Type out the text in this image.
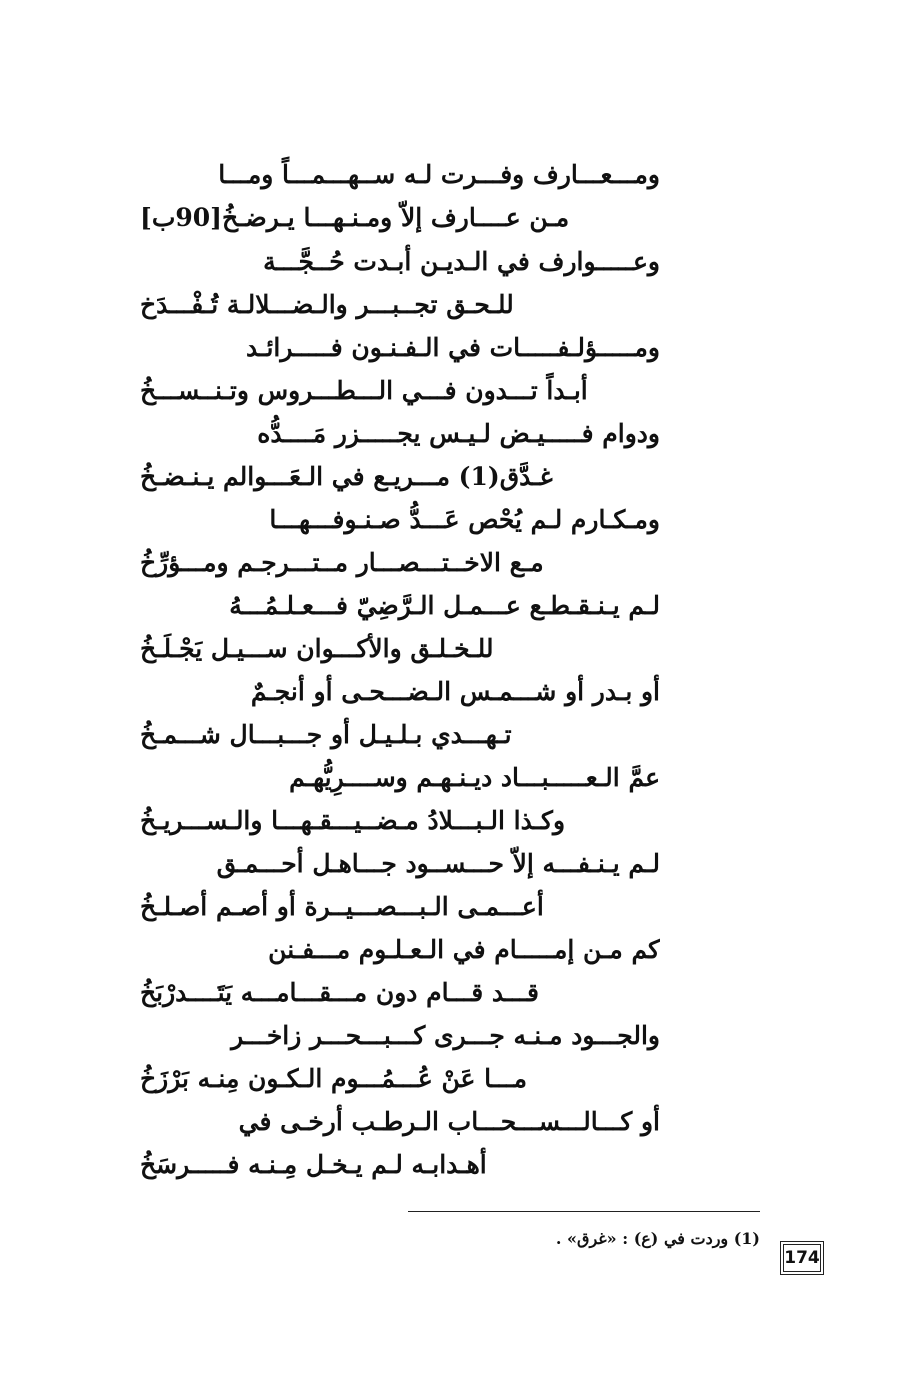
ومـــعـــارف وفـــرت لـه ســهـــمـــاً ومـــا
مـن عــــارف إلاّ ومـنـهـــا يـرضـخُ[90ب]
وعـــــوارف في الـديـن أبـدت حُــجَّـــة
للـحـق تجــبـــر والـضـــلالـة تُـفْـــدَخ
ومـــــؤلـفـــــات في الـفـنـون فـــــرائـد
أبـداً تـــدون فـــي الـــطـــروس وتـنــســـخُ
ودوام فـــــيـض لـيـس يجـــــزر مَــــدُّه
غـدَّق(1) مـــريـع في الـعَـــوالم يـنـضـخُ
ومـكـارم لـم يُحْص عَـــدُّ صـنـوفـــهـــا
مـع الاخــتـــصـــار مــتـــرجـم ومـــؤرِّخُ
لـم يـنـقـطـع عـــمـل الـرَّضِيّ فـــعـلـمُـــهُ
للـخـلـق والأكـــوان ســـيـل يَجْـلَـخُ
أو بـدر أو شـــمـس الـضـــحـى أو أنجـمٌ
تـهـــدي بـلـيـل أو جـــبـــال شـــمـخُ
عمَّ الـعـــــبـــاد ديـنـهـم وســــرِيُّهـم
وكـذا الـبـــلادُ مـضــيـــقـهـــا والـســـريـخُ
لـم يـنـفـــه إلاّ حـــســود جـــاهـل أحـــمـق
أعـــمـى الـبـــصـــيــرة أو أصـم أصـلـخُ
كم مـن إمـــــام في الـعـلـوم مـــفـنن
قـــد قـــام دون مـــقـــامـــه يَتَــــدرْبَخُ
والجـــود مـنـه جـــرى كـــبـــحـــر زاخـــر
مـــا عَنْ عُـــمُـــوم الـكـون مِنـه بَرْزَخُ
أو كـــالـــســـحـــاب الـرطـب أرخـى في
أهـدابـه لـم يـخـل مِـنـه فـــــرسَخُ
(1) وردت في (ع) : «غرق» .
174
